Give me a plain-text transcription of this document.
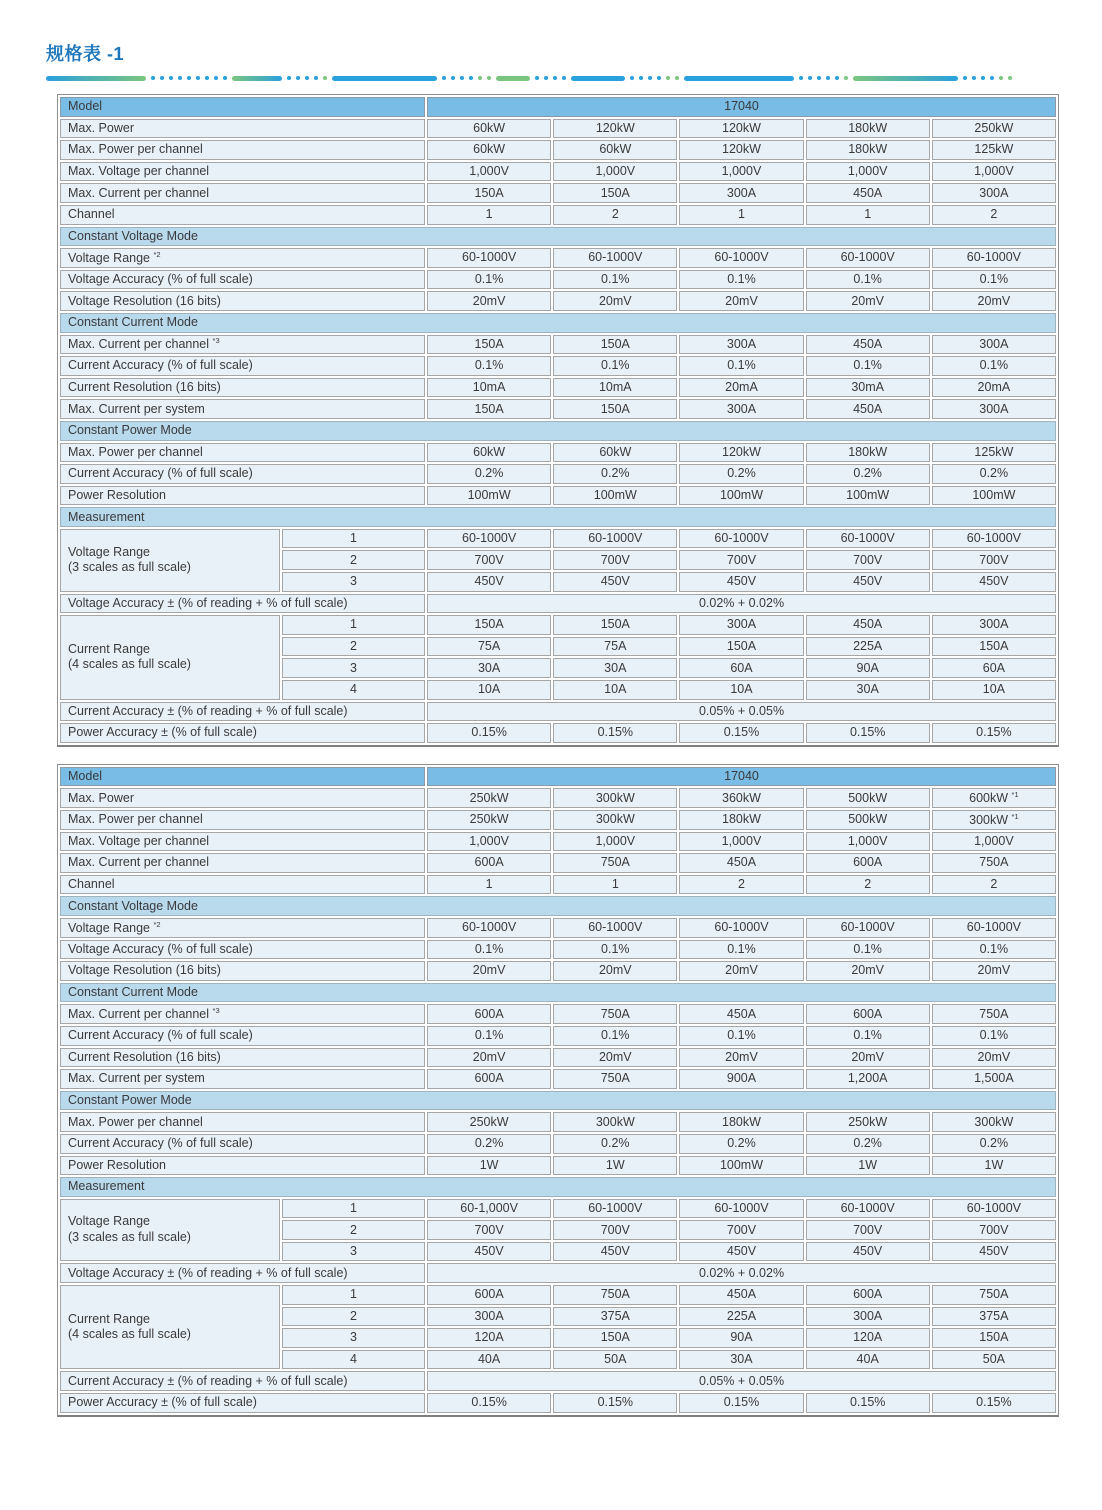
规格表 -1
Model		17040				
Max. Power		60kW	120kW	120kW	180kW	250kW
Max. Power per channel		60kW	60kW	120kW	180kW	125kW
Max. Voltage per channel		1,000V	1,000V	1,000V	1,000V	1,000V
Max. Current per channel		150A	150A	300A	450A	300A
Channel		1	2	1	1	2
Constant Voltage Mode						
Voltage Range $^{*2}$		60-1000V	60-1000V	60-1000V	60-1000V	60-1000V
Voltage Accuracy (% of full scale)		0.1%	0.1%	0.1%	0.1%	0.1%
Voltage Resolution (16 bits)		20mV	20mV	20mV	20mV	20mV
Constant Current Mode						
Max. Current per channel $^{*3}$		150A	150A	300A	450A	300A
Current Accuracy (% of full scale)		0.1%	0.1%	0.1%	0.1%	0.1%
Current Resolution (16 bits)		10mA	10mA	20mA	30mA	20mA
Max. Current per system		150A	150A	300A	450A	300A
Constant Power Mode						
Max. Power per channel		60kW	60kW	120kW	180kW	125kW
Current Accuracy (% of full scale)		0.2%	0.2%	0.2%	0.2%	0.2%
Power Resolution		100mW	100mW	100mW	100mW	100mW
Measurement						

Voltage Range
(3 scales as full scale)	1	60-1000V	60-1000V	60-1000V	60-1000V	60-1000V
	2	700V	700V	700V	700V	700V
	3	450V	450V	450V	450V	450V
Voltage Accuracy ± (% of reading + % of full scale)		0.02% + 0.02%				

Current Range
(4 scales as full scale)	1	150A	150A	300A	450A	300A
	2	75A	75A	150A	225A	150A
	3	30A	30A	60A	90A	60A
	4	10A	10A	10A	30A	10A
Current Accuracy ± (% of reading + % of full scale)		0.05% + 0.05%				
Power Accuracy ± (% of full scale)		0.15%	0.15%	0.15%	0.15%	0.15%
Model		17040				
Max. Power		250kW	300kW	360kW	500kW	600kW $^{*1}$
Max. Power per channel		250kW	300kW	180kW	500kW	300kW $^{*1}$
Max. Voltage per channel		1,000V	1,000V	1,000V	1,000V	1,000V
Max. Current per channel		600A	750A	450A	600A	750A
Channel		1	1	2	2	2
Constant Voltage Mode						
Voltage Range $^{*2}$		60-1000V	60-1000V	60-1000V	60-1000V	60-1000V
Voltage Accuracy (% of full scale)		0.1%	0.1%	0.1%	0.1%	0.1%
Voltage Resolution (16 bits)		20mV	20mV	20mV	20mV	20mV
Constant Current Mode						
Max. Current per channel $^{*3}$		600A	750A	450A	600A	750A
Current Accuracy (% of full scale)		0.1%	0.1%	0.1%	0.1%	0.1%
Current Resolution (16 bits)		20mV	20mV	20mV	20mV	20mV
Max. Current per system		600A	750A	900A	1,200A	1,500A
Constant Power Mode						
Max. Power per channel		250kW	300kW	180kW	250kW	300kW
Current Accuracy (% of full scale)		0.2%	0.2%	0.2%	0.2%	0.2%
Power Resolution		1W	1W	100mW	1W	1W
Measurement						

Voltage Range
(3 scales as full scale)	1	60-1,000V	60-1000V	60-1000V	60-1000V	60-1000V
	2	700V	700V	700V	700V	700V
	3	450V	450V	450V	450V	450V
Voltage Accuracy ± (% of reading + % of full scale)		0.02% + 0.02%				

Current Range
(4 scales as full scale)	1	600A	750A	450A	600A	750A
	2	300A	375A	225A	300A	375A
	3	120A	150A	90A	120A	150A
	4	40A	50A	30A	40A	50A
Current Accuracy ± (% of reading + % of full scale)		0.05% + 0.05%				
Power Accuracy ± (% of full scale)		0.15%	0.15%	0.15%	0.15%	0.15%
